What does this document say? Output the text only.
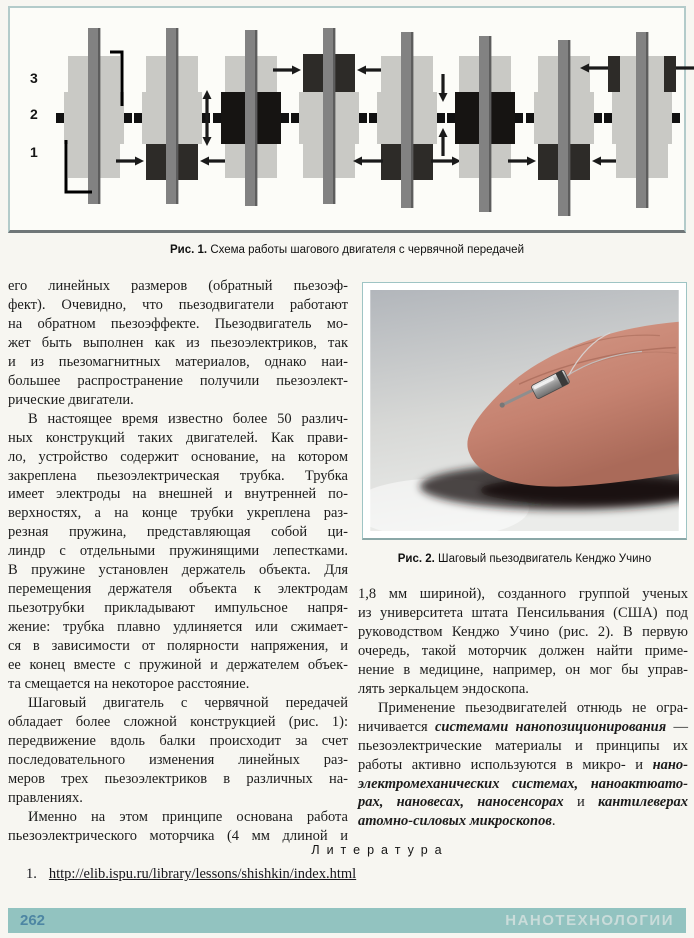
3
2
1
Рис. 1. Схема работы шагового двигателя с червячной передачей
его линейных размеров (обратный пьезоэф-
фект). Очевидно, что пьезодвигатели работают
на обратном пьезоэффекте. Пьезодвигатель мо-
жет быть выполнен как из пьезоэлектриков, так
и из пьезомагнитных материалов, однако наи-
большее распространение получили пьезоэлект-
рические двигатели.
В настоящее время известно более 50 различ-
ных конструкций таких двигателей. Как прави-
ло, устройство содержит основание, на котором
закреплена пьезоэлектрическая трубка. Трубка
имеет электроды на внешней и внутренней по-
верхностях, а на конце трубки укреплена раз-
резная пружина, представляющая собой ци-
линдр с отдельными пружинящими лепестками.
В пружине установлен держатель объекта. Для
перемещения держателя объекта к электродам
пьезотрубки прикладывают импульсное напря-
жение: трубка плавно удлиняется или сжимает-
ся в зависимости от полярности напряжения, и
ее конец вместе с пружиной и держателем объек-
та смещается на некоторое расстояние.
Шаговый двигатель с червячной передачей
обладает более сложной конструкцией (рис. 1):
передвижение вдоль балки происходит за счет
последовательного изменения линейных раз-
меров трех пьезоэлектриков в различных на-
правлениях.
Именно на этом принципе основана работа
пьезоэлектрического моторчика (4 мм длиной и
Рис. 2. Шаговый пьезодвигатель Кенджо Учино
1,8 мм шириной), созданного группой ученых
из университета штата Пенсильвания (США) под
руководством Кенджо Учино (рис. 2). В первую
очередь, такой моторчик должен найти приме-
нение в медицине, например, он мог бы управ-
лять зеркальцем эндоскопа.
Применение пьезодвигателей отнюдь не огра-
ничивается системами нанопозиционирования —
пьезоэлектрические материалы и принципы их
работы активно используются в микро- и нано-
электромеханических системах, наноактюато-
рах, нановесах, наносенсорах и кантилеверах
атомно-силовых микроскопов.
Литература
1. http://elib.ispu.ru/library/lessons/shishkin/index.html
262	НАНОТЕХНОЛОГИИ
